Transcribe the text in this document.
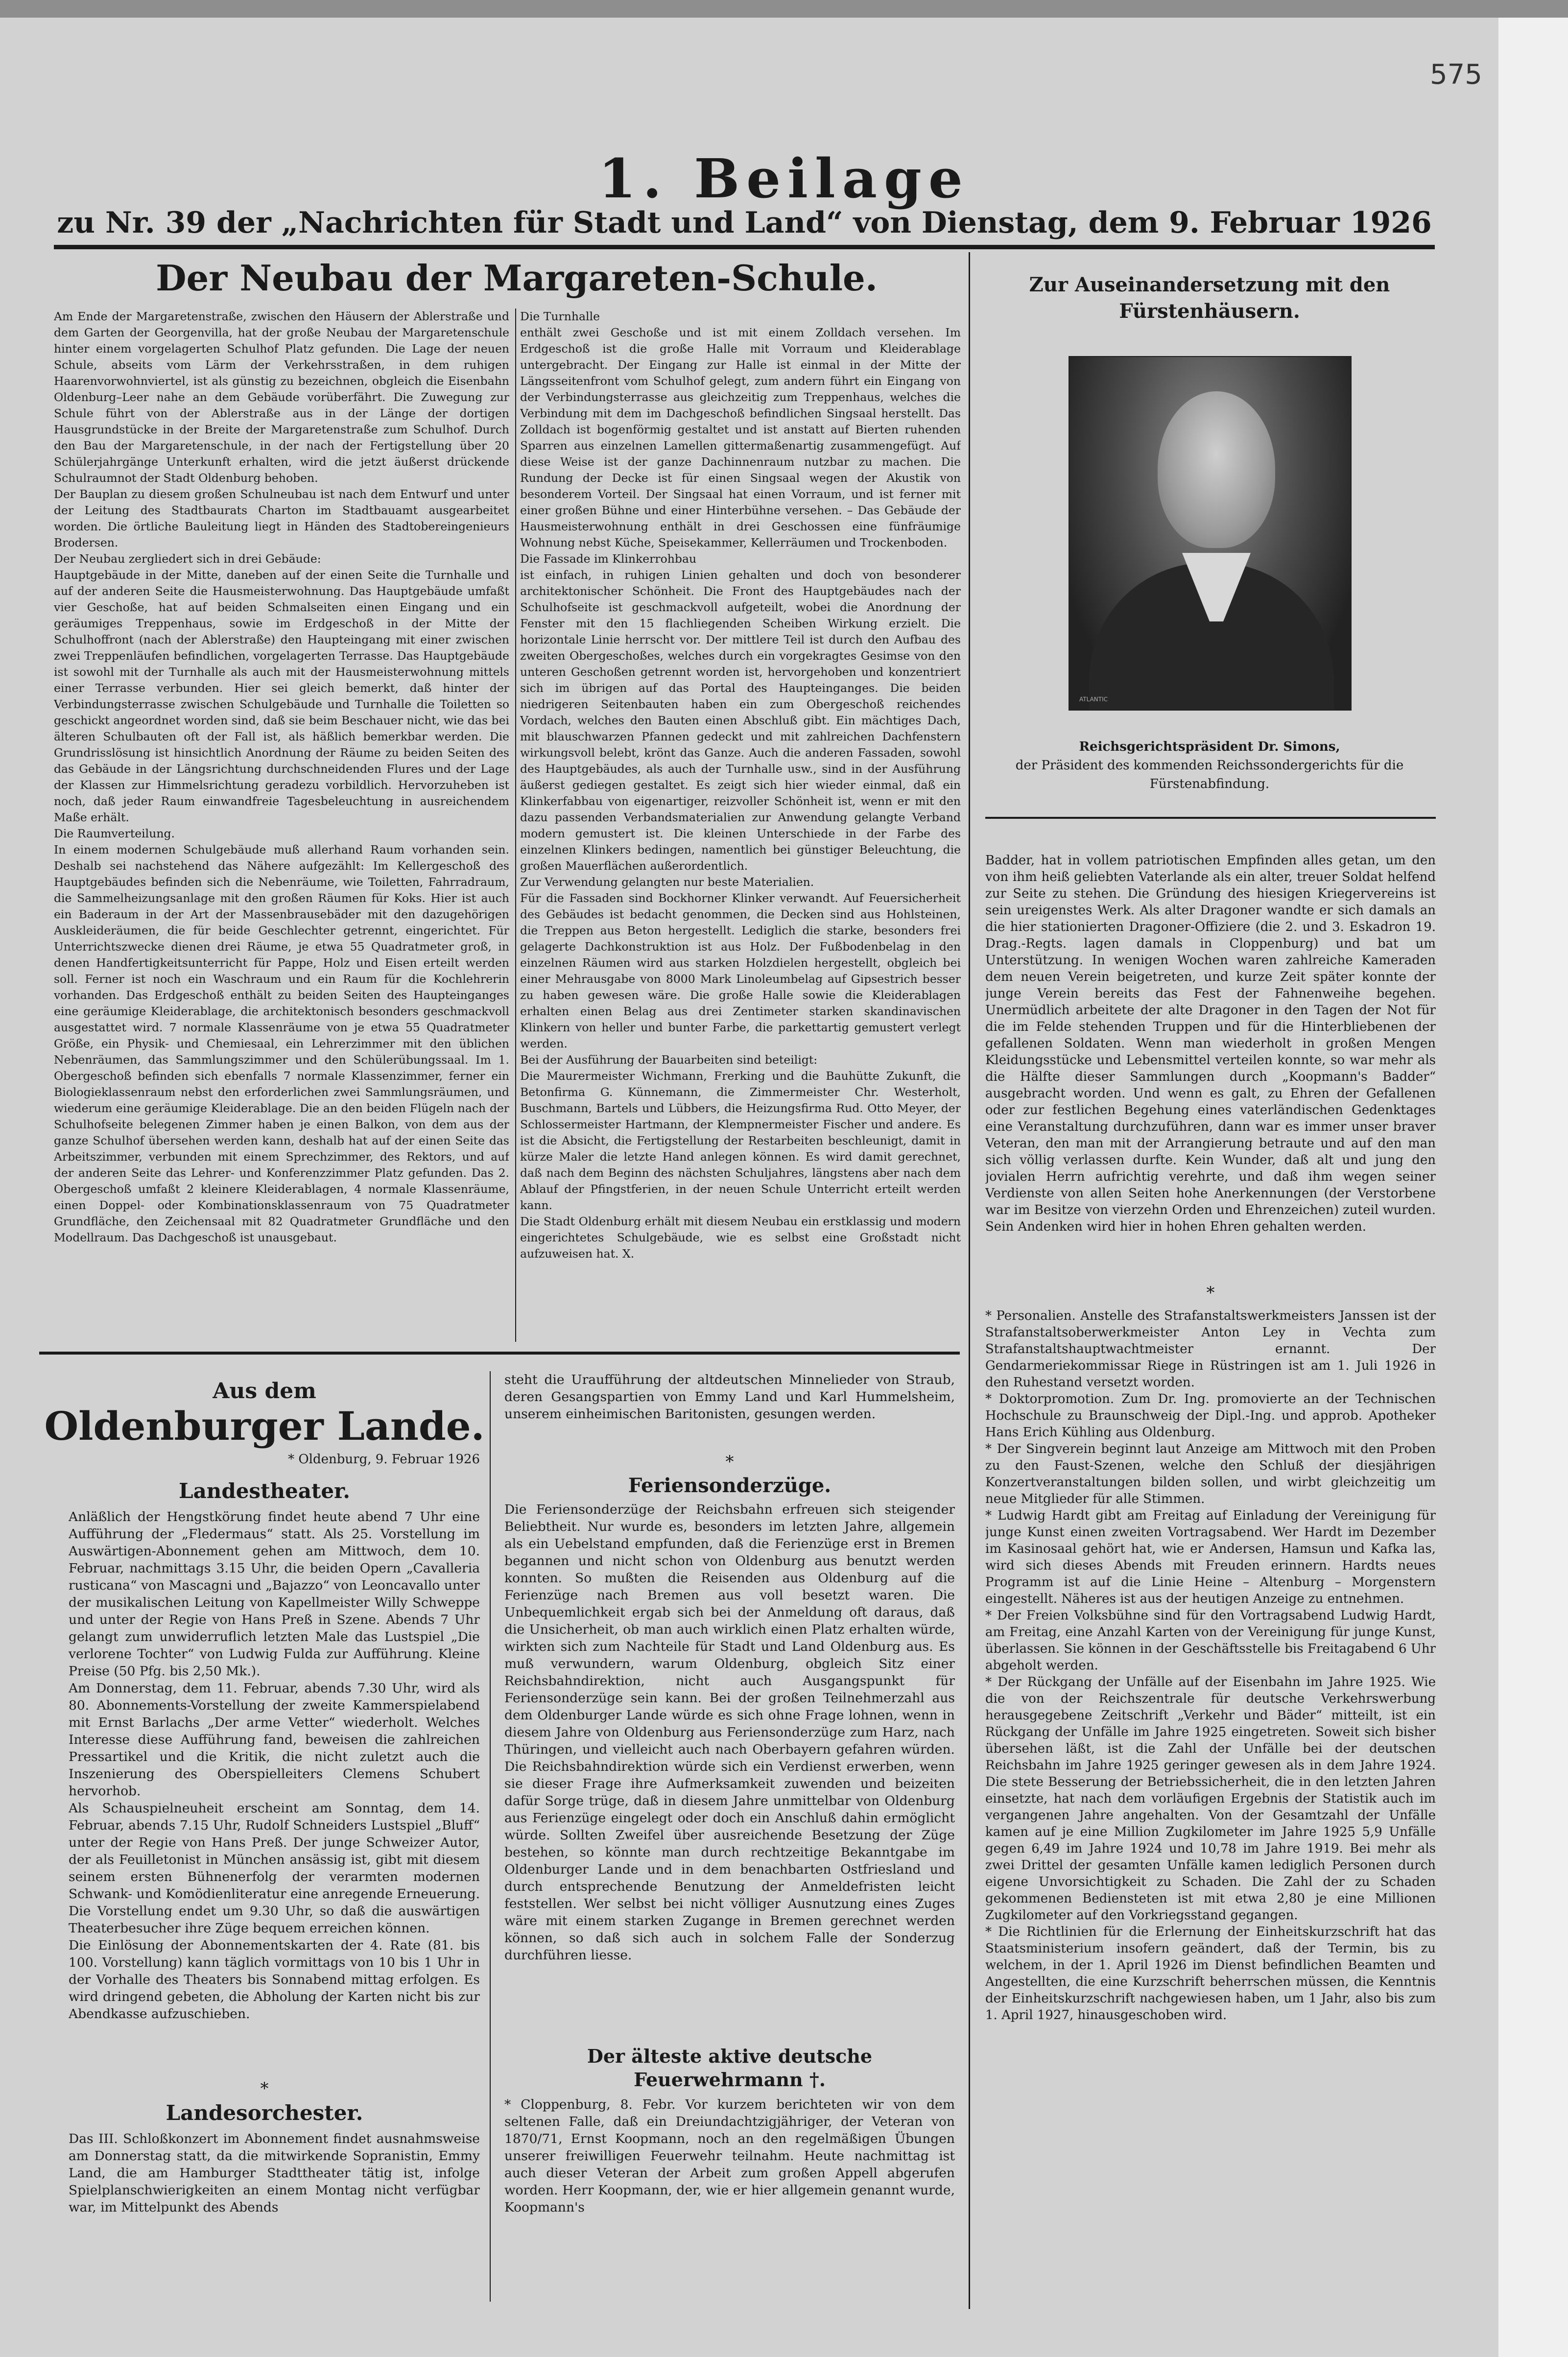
575
1. Beilage
zu Nr. 39 der „Nachrichten für Stadt und Land“ von Dienstag, dem 9. Februar 1926
Der Neubau der Margareten-Schule.
Am Ende der Margaretenstraße, zwischen den Häusern der Ablerstraße und dem Garten der Georgenvilla, hat der große Neubau der Margaretenschule hinter einem vorgelagerten Schulhof Platz gefunden. Die Lage der neuen Schule, abseits vom Lärm der Verkehrsstraßen, in dem ruhigen Haarenvorwohnviertel, ist als günstig zu bezeichnen, obgleich die Eisenbahn Oldenburg–Leer nahe an dem Gebäude vorüberfährt. Die Zuwegung zur Schule führt von der Ablerstraße aus in der Länge der dortigen Hausgrundstücke in der Breite der Margaretenstraße zum Schulhof. Durch den Bau der Margaretenschule, in der nach der Fertigstellung über 20 Schülerjahrgänge Unterkunft erhalten, wird die jetzt äußerst drückende Schulraumnot der Stadt Oldenburg behoben.
Der Bauplan zu diesem großen Schulneubau ist nach dem Entwurf und unter der Leitung des Stadtbaurats Charton im Stadtbauamt ausgearbeitet worden. Die örtliche Bauleitung liegt in Händen des Stadtobereingenieurs Brodersen.
Der Neubau zergliedert sich in drei Gebäude:
Hauptgebäude in der Mitte, daneben auf der einen Seite die Turnhalle und auf der anderen Seite die Hausmeisterwohnung. Das Hauptgebäude umfaßt vier Geschoße, hat auf beiden Schmalseiten einen Eingang und ein geräumiges Treppenhaus, sowie im Erdgeschoß in der Mitte der Schulhoffront (nach der Ablerstraße) den Haupteingang mit einer zwischen zwei Treppenläufen befindlichen, vorgelagerten Terrasse. Das Hauptgebäude ist sowohl mit der Turnhalle als auch mit der Hausmeisterwohnung mittels einer Terrasse verbunden. Hier sei gleich bemerkt, daß hinter der Verbindungsterrasse zwischen Schulgebäude und Turnhalle die Toiletten so geschickt angeordnet worden sind, daß sie beim Beschauer nicht, wie das bei älteren Schulbauten oft der Fall ist, als häßlich bemerkbar werden. Die Grundrisslösung ist hinsichtlich Anordnung der Räume zu beiden Seiten des das Gebäude in der Längsrichtung durchschneidenden Flures und der Lage der Klassen zur Himmelsrichtung geradezu vorbildlich. Hervorzuheben ist noch, daß jeder Raum einwandfreie Tagesbeleuchtung in ausreichendem Maße erhält.
Die Raumverteilung.
In einem modernen Schulgebäude muß allerhand Raum vorhanden sein. Deshalb sei nachstehend das Nähere aufgezählt: Im Kellergeschoß des Hauptgebäudes befinden sich die Nebenräume, wie Toiletten, Fahrradraum, die Sammelheizungsanlage mit den großen Räumen für Koks. Hier ist auch ein Baderaum in der Art der Massenbrausebäder mit den dazugehörigen Auskleideräumen, die für beide Geschlechter getrennt, eingerichtet. Für Unterrichtszwecke dienen drei Räume, je etwa 55 Quadratmeter groß, in denen Handfertigkeitsunterricht für Pappe, Holz und Eisen erteilt werden soll. Ferner ist noch ein Waschraum und ein Raum für die Kochlehrerin vorhanden. Das Erdgeschoß enthält zu beiden Seiten des Haupteinganges eine geräumige Kleiderablage, die architektonisch besonders geschmackvoll ausgestattet wird. 7 normale Klassenräume von je etwa 55 Quadratmeter Größe, ein Physik- und Chemiesaal, ein Lehrerzimmer mit den üblichen Nebenräumen, das Sammlungszimmer und den Schülerübungssaal. Im 1. Obergeschoß befinden sich ebenfalls 7 normale Klassenzimmer, ferner ein Biologieklassenraum nebst den erforderlichen zwei Sammlungsräumen, und wiederum eine geräumige Kleiderablage. Die an den beiden Flügeln nach der Schulhofseite belegenen Zimmer haben je einen Balkon, von dem aus der ganze Schulhof übersehen werden kann, deshalb hat auf der einen Seite das Arbeitszimmer, verbunden mit einem Sprechzimmer, des Rektors, und auf der anderen Seite das Lehrer- und Konferenzzimmer Platz gefunden. Das 2. Obergeschoß umfaßt 2 kleinere Kleiderablagen, 4 normale Klassenräume, einen Doppel- oder Kombinationsklassenraum von 75 Quadratmeter Grundfläche, den Zeichensaal mit 82 Quadratmeter Grundfläche und den Modellraum. Das Dachgeschoß ist unausgebaut.
Die Turnhalle
enthält zwei Geschoße und ist mit einem Zolldach versehen. Im Erdgeschoß ist die große Halle mit Vorraum und Kleiderablage untergebracht. Der Eingang zur Halle ist einmal in der Mitte der Längsseitenfront vom Schulhof gelegt, zum andern führt ein Eingang von der Verbindungsterrasse aus gleichzeitig zum Treppenhaus, welches die Verbindung mit dem im Dachgeschoß befindlichen Singsaal herstellt. Das Zolldach ist bogenförmig gestaltet und ist anstatt auf Bierten ruhenden Sparren aus einzelnen Lamellen gittermaßenartig zusammengefügt. Auf diese Weise ist der ganze Dachinnenraum nutzbar zu machen. Die Rundung der Decke ist für einen Singsaal wegen der Akustik von besonderem Vorteil. Der Singsaal hat einen Vorraum, und ist ferner mit einer großen Bühne und einer Hinterbühne versehen. – Das Gebäude der Hausmeisterwohnung enthält in drei Geschossen eine fünfräumige Wohnung nebst Küche, Speisekammer, Kellerräumen und Trockenboden.
Die Fassade im Klinkerrohbau
ist einfach, in ruhigen Linien gehalten und doch von besonderer architektonischer Schönheit. Die Front des Hauptgebäudes nach der Schulhofseite ist geschmackvoll aufgeteilt, wobei die Anordnung der Fenster mit den 15 flachliegenden Scheiben Wirkung erzielt. Die horizontale Linie herrscht vor. Der mittlere Teil ist durch den Aufbau des zweiten Obergeschoßes, welches durch ein vorgekragtes Gesimse von den unteren Geschoßen getrennt worden ist, hervorgehoben und konzentriert sich im übrigen auf das Portal des Haupteinganges. Die beiden niedrigeren Seitenbauten haben ein zum Obergeschoß reichendes Vordach, welches den Bauten einen Abschluß gibt. Ein mächtiges Dach, mit blauschwarzen Pfannen gedeckt und mit zahlreichen Dachfenstern wirkungsvoll belebt, krönt das Ganze. Auch die anderen Fassaden, sowohl des Hauptgebäudes, als auch der Turnhalle usw., sind in der Ausführung äußerst gediegen gestaltet. Es zeigt sich hier wieder einmal, daß ein Klinkerfabbau von eigenartiger, reizvoller Schönheit ist, wenn er mit den dazu passenden Verbandsmaterialien zur Anwendung gelangte Verband modern gemustert ist. Die kleinen Unterschiede in der Farbe des einzelnen Klinkers bedingen, namentlich bei günstiger Beleuchtung, die großen Mauerflächen außerordentlich.
Zur Verwendung gelangten nur beste Materialien.
Für die Fassaden sind Bockhorner Klinker verwandt. Auf Feuersicherheit des Gebäudes ist bedacht genommen, die Decken sind aus Hohlsteinen, die Treppen aus Beton hergestellt. Lediglich die starke, besonders frei gelagerte Dachkonstruktion ist aus Holz. Der Fußbodenbelag in den einzelnen Räumen wird aus starken Holzdielen hergestellt, obgleich bei einer Mehrausgabe von 8000 Mark Linoleumbelag auf Gipsestrich besser zu haben gewesen wäre. Die große Halle sowie die Kleiderablagen erhalten einen Belag aus drei Zentimeter starken skandinavischen Klinkern von heller und bunter Farbe, die parkettartig gemustert verlegt werden.
Bei der Ausführung der Bauarbeiten sind beteiligt:
Die Maurermeister Wichmann, Frerking und die Bauhütte Zukunft, die Betonfirma G. Künnemann, die Zimmermeister Chr. Westerholt, Buschmann, Bartels und Lübbers, die Heizungsfirma Rud. Otto Meyer, der Schlossermeister Hartmann, der Klempnermeister Fischer und andere. Es ist die Absicht, die Fertigstellung der Restarbeiten beschleunigt, damit in kürze Maler die letzte Hand anlegen können. Es wird damit gerechnet, daß nach dem Beginn des nächsten Schuljahres, längstens aber nach dem Ablauf der Pfingstferien, in der neuen Schule Unterricht erteilt werden kann.
Die Stadt Oldenburg erhält mit diesem Neubau ein erstklassig und modern eingerichtetes Schulgebäude, wie es selbst eine Großstadt nicht aufzuweisen hat. X.
Zur Auseinandersetzung mit den Fürstenhäusern.
ATLANTIC
Reichsgerichtspräsident Dr. Simons,
der Präsident des kommenden Reichssondergerichts für die Fürstenabfindung.
Badder, hat in vollem patriotischen Empfinden alles getan, um den von ihm heiß geliebten Vaterlande als ein alter, treuer Soldat helfend zur Seite zu stehen. Die Gründung des hiesigen Kriegervereins ist sein ureigenstes Werk. Als alter Dragoner wandte er sich damals an die hier stationierten Dragoner-Offiziere (die 2. und 3. Eskadron 19. Drag.-Regts. lagen damals in Cloppenburg) und bat um Unterstützung. In wenigen Wochen waren zahlreiche Kameraden dem neuen Verein beigetreten, und kurze Zeit später konnte der junge Verein bereits das Fest der Fahnenweihe begehen. Unermüdlich arbeitete der alte Dragoner in den Tagen der Not für die im Felde stehenden Truppen und für die Hinterbliebenen der gefallenen Soldaten. Wenn man wiederholt in großen Mengen Kleidungsstücke und Lebensmittel verteilen konnte, so war mehr als die Hälfte dieser Sammlungen durch „Koopmann's Badder“ ausgebracht worden. Und wenn es galt, zu Ehren der Gefallenen oder zur festlichen Begehung eines vaterländischen Gedenktages eine Veranstaltung durchzuführen, dann war es immer unser braver Veteran, den man mit der Arrangierung betraute und auf den man sich völlig verlassen durfte. Kein Wunder, daß alt und jung den jovialen Herrn aufrichtig verehrte, und daß ihm wegen seiner Verdienste von allen Seiten hohe Anerkennungen (der Verstorbene war im Besitze von vierzehn Orden und Ehrenzeichen) zuteil wurden. Sein Andenken wird hier in hohen Ehren gehalten werden.
*
* Personalien. Anstelle des Strafanstaltswerkmeisters Janssen ist der Strafanstaltsoberwerkmeister Anton Ley in Vechta zum Strafanstaltshauptwachtmeister ernannt. Der Gendarmeriekommissar Riege in Rüstringen ist am 1. Juli 1926 in den Ruhestand versetzt worden.
* Doktorpromotion. Zum Dr. Ing. promovierte an der Technischen Hochschule zu Braunschweig der Dipl.-Ing. und approb. Apotheker Hans Erich Kühling aus Oldenburg.
* Der Singverein beginnt laut Anzeige am Mittwoch mit den Proben zu den Faust-Szenen, welche den Schluß der diesjährigen Konzertveranstaltungen bilden sollen, und wirbt gleichzeitig um neue Mitglieder für alle Stimmen.
* Ludwig Hardt gibt am Freitag auf Einladung der Vereinigung für junge Kunst einen zweiten Vortragsabend. Wer Hardt im Dezember im Kasinosaal gehört hat, wie er Andersen, Hamsun und Kafka las, wird sich dieses Abends mit Freuden erinnern. Hardts neues Programm ist auf die Linie Heine – Altenburg – Morgenstern eingestellt. Näheres ist aus der heutigen Anzeige zu entnehmen.
* Der Freien Volksbühne sind für den Vortragsabend Ludwig Hardt, am Freitag, eine Anzahl Karten von der Vereinigung für junge Kunst, überlassen. Sie können in der Geschäftsstelle bis Freitagabend 6 Uhr abgeholt werden.
* Der Rückgang der Unfälle auf der Eisenbahn im Jahre 1925. Wie die von der Reichszentrale für deutsche Verkehrswerbung herausgegebene Zeitschrift „Verkehr und Bäder“ mitteilt, ist ein Rückgang der Unfälle im Jahre 1925 eingetreten. Soweit sich bisher übersehen läßt, ist die Zahl der Unfälle bei der deutschen Reichsbahn im Jahre 1925 geringer gewesen als in dem Jahre 1924. Die stete Besserung der Betriebssicherheit, die in den letzten Jahren einsetzte, hat nach dem vorläufigen Ergebnis der Statistik auch im vergangenen Jahre angehalten. Von der Gesamtzahl der Unfälle kamen auf je eine Million Zugkilometer im Jahre 1925 5,9 Unfälle gegen 6,49 im Jahre 1924 und 10,78 im Jahre 1919. Bei mehr als zwei Drittel der gesamten Unfälle kamen lediglich Personen durch eigene Unvorsichtigkeit zu Schaden. Die Zahl der zu Schaden gekommenen Bediensteten ist mit etwa 2,80 je eine Millionen Zugkilometer auf den Vorkriegsstand gegangen.
* Die Richtlinien für die Erlernung der Einheitskurzschrift hat das Staatsministerium insofern geändert, daß der Termin, bis zu welchem, in der 1. April 1926 im Dienst befindlichen Beamten und Angestellten, die eine Kurzschrift beherrschen müssen, die Kenntnis der Einheitskurzschrift nachgewiesen haben, um 1 Jahr, also bis zum 1. April 1927, hinausgeschoben wird.
Aus dem
Oldenburger Lande.
* Oldenburg, 9. Februar 1926
Landestheater.
Anläßlich der Hengstkörung findet heute abend 7 Uhr eine Aufführung der „Fledermaus“ statt. Als 25. Vorstellung im Auswärtigen-Abonnement gehen am Mittwoch, dem 10. Februar, nachmittags 3.15 Uhr, die beiden Opern „Cavalleria rusticana“ von Mascagni und „Bajazzo“ von Leoncavallo unter der musikalischen Leitung von Kapellmeister Willy Schweppe und unter der Regie von Hans Preß in Szene. Abends 7 Uhr gelangt zum unwiderruflich letzten Male das Lustspiel „Die verlorene Tochter“ von Ludwig Fulda zur Aufführung. Kleine Preise (50 Pfg. bis 2,50 Mk.).
Am Donnerstag, dem 11. Februar, abends 7.30 Uhr, wird als 80. Abonnements-Vorstellung der zweite Kammerspielabend mit Ernst Barlachs „Der arme Vetter“ wiederholt. Welches Interesse diese Aufführung fand, beweisen die zahlreichen Pressartikel und die Kritik, die nicht zuletzt auch die Inszenierung des Oberspielleiters Clemens Schubert hervorhob.
Als Schauspielneuheit erscheint am Sonntag, dem 14. Februar, abends 7.15 Uhr, Rudolf Schneiders Lustspiel „Bluff“ unter der Regie von Hans Preß. Der junge Schweizer Autor, der als Feuilletonist in München ansässig ist, gibt mit diesem seinem ersten Bühnenerfolg der verarmten modernen Schwank- und Komödienliteratur eine anregende Erneuerung. Die Vorstellung endet um 9.30 Uhr, so daß die auswärtigen Theaterbesucher ihre Züge bequem erreichen können.
Die Einlösung der Abonnementskarten der 4. Rate (81. bis 100. Vorstellung) kann täglich vormittags von 10 bis 1 Uhr in der Vorhalle des Theaters bis Sonnabend mittag erfolgen. Es wird dringend gebeten, die Abholung der Karten nicht bis zur Abendkasse aufzuschieben.
*
Landesorchester.
Das III. Schloßkonzert im Abonnement findet ausnahmsweise am Donnerstag statt, da die mitwirkende Sopranistin, Emmy Land, die am Hamburger Stadttheater tätig ist, infolge Spielplanschwierigkeiten an einem Montag nicht verfügbar war, im Mittelpunkt des Abends
steht die Uraufführung der altdeutschen Minnelieder von Straub, deren Gesangspartien von Emmy Land und Karl Hummelsheim, unserem einheimischen Baritonisten, gesungen werden.
*
Feriensonderzüge.
Die Feriensonderzüge der Reichsbahn erfreuen sich steigender Beliebtheit. Nur wurde es, besonders im letzten Jahre, allgemein als ein Uebelstand empfunden, daß die Ferienzüge erst in Bremen begannen und nicht schon von Oldenburg aus benutzt werden konnten. So mußten die Reisenden aus Oldenburg auf die Ferienzüge nach Bremen aus voll besetzt waren. Die Unbequemlichkeit ergab sich bei der Anmeldung oft daraus, daß die Unsicherheit, ob man auch wirklich einen Platz erhalten würde, wirkten sich zum Nachteile für Stadt und Land Oldenburg aus. Es muß verwundern, warum Oldenburg, obgleich Sitz einer Reichsbahndirektion, nicht auch Ausgangspunkt für Feriensonderzüge sein kann. Bei der großen Teilnehmerzahl aus dem Oldenburger Lande würde es sich ohne Frage lohnen, wenn in diesem Jahre von Oldenburg aus Feriensonderzüge zum Harz, nach Thüringen, und vielleicht auch nach Oberbayern gefahren würden. Die Reichsbahndirektion würde sich ein Verdienst erwerben, wenn sie dieser Frage ihre Aufmerksamkeit zuwenden und beizeiten dafür Sorge trüge, daß in diesem Jahre unmittelbar von Oldenburg aus Ferienzüge eingelegt oder doch ein Anschluß dahin ermöglicht würde. Sollten Zweifel über ausreichende Besetzung der Züge bestehen, so könnte man durch rechtzeitige Bekanntgabe im Oldenburger Lande und in dem benachbarten Ostfriesland und durch entsprechende Benutzung der Anmeldefristen leicht feststellen. Wer selbst bei nicht völliger Ausnutzung eines Zuges wäre mit einem starken Zugange in Bremen gerechnet werden können, so daß sich auch in solchem Falle der Sonderzug durchführen liesse.
Der älteste aktive deutsche Feuerwehrmann †.
* Cloppenburg, 8. Febr. Vor kurzem berichteten wir von dem seltenen Falle, daß ein Dreiundachtzigjähriger, der Veteran von 1870/71, Ernst Koopmann, noch an den regelmäßigen Übungen unserer freiwilligen Feuerwehr teilnahm. Heute nachmittag ist auch dieser Veteran der Arbeit zum großen Appell abgerufen worden. Herr Koopmann, der, wie er hier allgemein genannt wurde, Koopmann's
